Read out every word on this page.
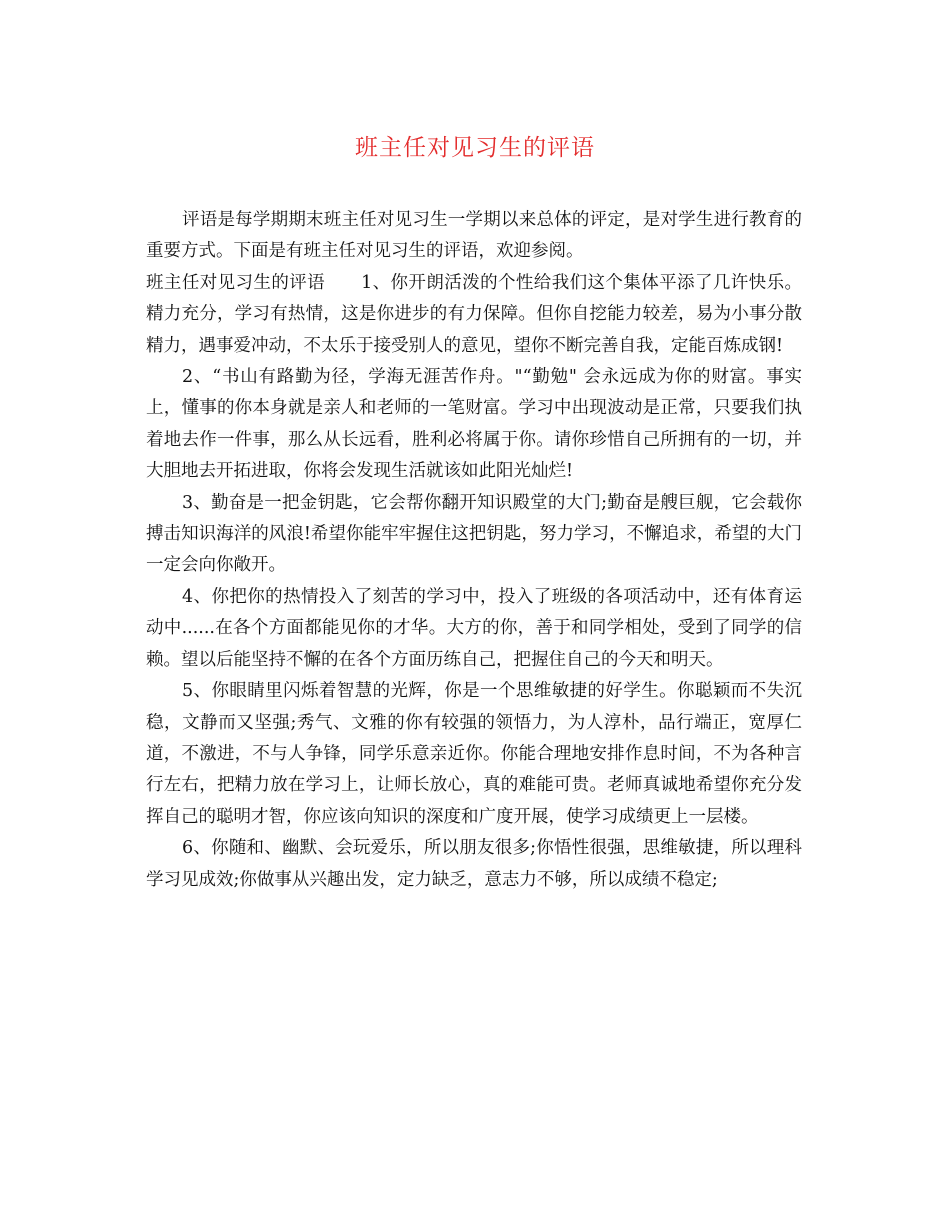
班主任对见习生的评语

评语是每学期期末班主任对见习生一学期以来总体的评定，是对学生进行教育的重要方式。下面是有班主任对见习生的评语，欢迎参阅。

班主任对见习生的评语 1、你开朗活泼的个性给我们这个集体平添了几许快乐。精力充分，学习有热情，这是你进步的有力保障。但你自挖能力较差，易为小事分散精力，遇事爱冲动，不太乐于接受别人的意见，望你不断完善自我，定能百炼成钢!

2、“书山有路勤为径，学海无涯苦作舟。"“勤勉" 会永远成为你的财富。事实上，懂事的你本身就是亲人和老师的一笔财富。学习中出现波动是正常，只要我们执着地去作一件事，那么从长远看，胜利必将属于你。请你珍惜自己所拥有的一切，并大胆地去开拓进取，你将会发现生活就该如此阳光灿烂!

3、勤奋是一把金钥匙，它会帮你翻开知识殿堂的大门;勤奋是艘巨舰，它会载你搏击知识海洋的风浪!希望你能牢牢握住这把钥匙，努力学习，不懈追求，希望的大门一定会向你敞开。

4、你把你的热情投入了刻苦的学习中，投入了班级的各项活动中，还有体育运动中......在各个方面都能见你的才华。大方的你，善于和同学相处，受到了同学的信赖。望以后能坚持不懈的在各个方面历练自己，把握住自己的今天和明天。

5、你眼睛里闪烁着智慧的光辉，你是一个思维敏捷的好学生。你聪颖而不失沉稳，文静而又坚强;秀气、文雅的你有较强的领悟力，为人淳朴，品行端正，宽厚仁道，不激进，不与人争锋，同学乐意亲近你。你能合理地安排作息时间，不为各种言行左右，把精力放在学习上，让师长放心，真的难能可贵。老师真诚地希望你充分发挥自己的聪明才智，你应该向知识的深度和广度开展，使学习成绩更上一层楼。

6、你随和、幽默、会玩爱乐，所以朋友很多;你悟性很强，思维敏捷，所以理科学习见成效;你做事从兴趣出发，定力缺乏，意志力不够，所以成绩不稳定;
